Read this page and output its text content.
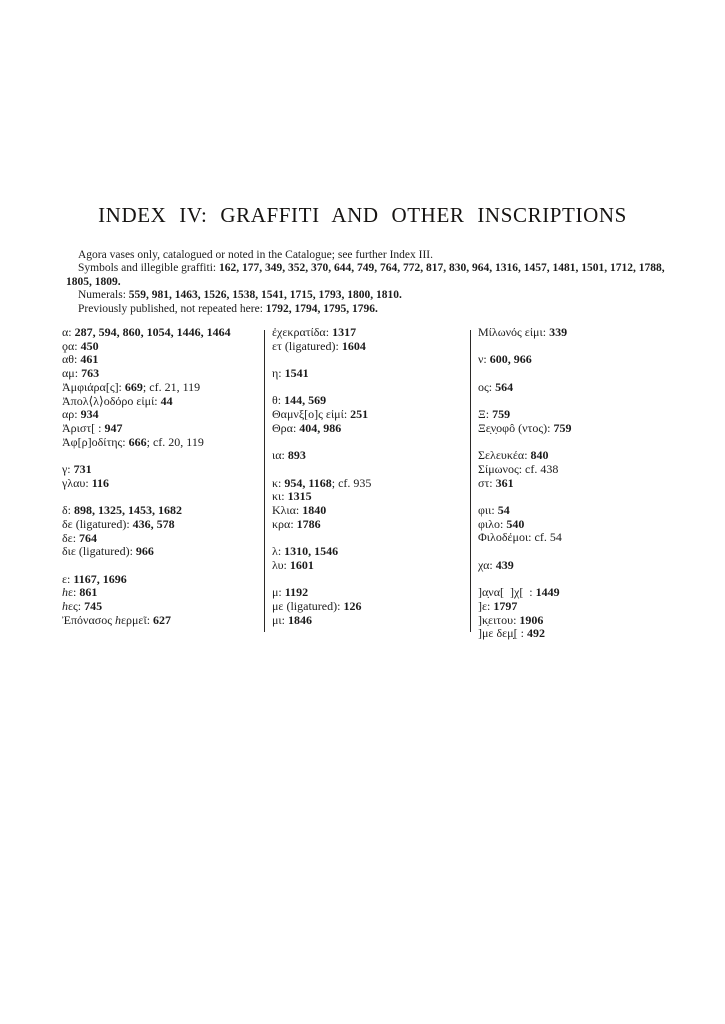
INDEX IV: GRAFFITI AND OTHER INSCRIPTIONS

Agora vases only, catalogued or noted in the Catalogue; see further Index III.

Symbols and illegible graffiti: 162, 177, 349, 352, 370, 644, 749, 764, 772, 817, 830, 964, 1316, 1457, 1481, 1501, 1712, 1788, 1805, 1809.

Numerals: 559, 981, 1463, 1526, 1538, 1541, 1715, 1793, 1800, 1810.

Previously published, not repeated here: 1792, 1794, 1795, 1796.

α: 287, 594, 860, 1054, 1446, 1464
ϙα: 450
αθ: 461
αμ: 763
Ἀμφιάρα[ς]: 669; cf. 21, 119
Ἀπολ⟨λ⟩οδόρο εἰμί: 44
αρ: 934
Ἀριστ[ : 947
Ἀφ[ρ]οδίτης: 666; cf. 20, 119
γ: 731
γλαυ: 116
δ: 898, 1325, 1453, 1682
δε (ligatured): 436, 578
δε: 764
διε (ligatured): 966
ε: 1167, 1696
hε: 861
hες: 745
Ἐπόνασος hερμεῖ: 627
ἐχεκρατίδα: 1317
ετ (ligatured): 1604
η: 1541
θ: 144, 569
Θαμνξ[ο]ς εἰμί: 251
Θρα: 404, 986
ια: 893
κ: 954, 1168; cf. 935
κι: 1315
Κλια: 1840
κρα: 1786
λ: 1310, 1546
λυ: 1601
μ: 1192
με (ligatured): 126
μι: 1846
Μίλωνός εἰμι: 339
ν: 600, 966
ος: 564
Ξ: 759
Ξε̣ν̣οφô (ντος): 759
Σελευκέα: 840
Σίμωνος: cf. 438
στ: 361
φιι: 54
φιλο: 540
Φιλοδέμοι: cf. 54
χα: 439
]α̣να[  ]χ[  : 1449
]ε: 1797
]κ̣ειτου: 1906
]με δεμ̣[ : 492
